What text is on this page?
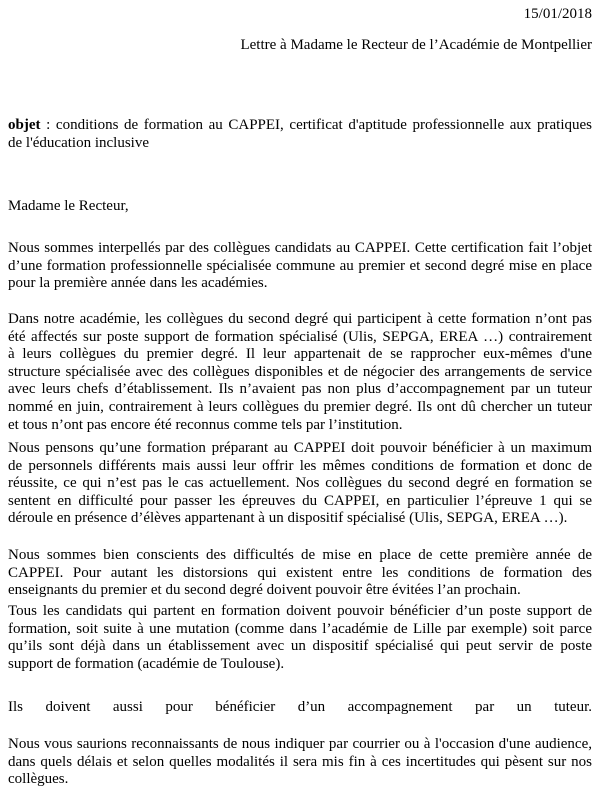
15/01/2018
Lettre à Madame le Recteur de l’Académie de Montpellier
objet : conditions de formation au CAPPEI, certificat d'aptitude professionnelle aux pratiques
de l'éducation inclusive
Madame le Recteur,
Nous sommes interpellés par des collègues candidats au CAPPEI. Cette certification fait l’objet
d’une formation professionnelle spécialisée commune au premier et second degré mise en place
pour la première année dans les académies.
Dans notre académie, les collègues du second degré qui participent à cette formation n’ont pas
été affectés sur poste support de formation spécialisé (Ulis, SEPGA, EREA …) contrairement
à leurs collègues du premier degré. Il leur appartenait de se rapprocher eux-mêmes d'une
structure spécialisée avec des collègues disponibles et de négocier des arrangements de service
avec leurs chefs d’établissement. Ils n’avaient pas non plus d’accompagnement par un tuteur
nommé en juin, contrairement à leurs collègues du premier degré. Ils ont dû chercher un tuteur
et tous n’ont pas encore été reconnus comme tels par l’institution.
Nous pensons qu’une formation préparant au CAPPEI doit pouvoir bénéficier à un maximum
de personnels différents mais aussi leur offrir les mêmes conditions de formation et donc de
réussite, ce qui n’est pas le cas actuellement. Nos collègues du second degré en formation se
sentent en difficulté pour passer les épreuves du CAPPEI, en particulier l’épreuve 1 qui se
déroule en présence d’élèves appartenant à un dispositif spécialisé (Ulis, SEPGA, EREA …).
Nous sommes bien conscients des difficultés de mise en place de cette première année de
CAPPEI. Pour autant les distorsions qui existent entre les conditions de formation des
enseignants du premier et du second degré doivent pouvoir être évitées l’an prochain.
Tous les candidats qui partent en formation doivent pouvoir bénéficier d’un poste support de
formation, soit suite à une mutation (comme dans l’académie de Lille par exemple) soit parce
qu’ils sont déjà dans un établissement avec un dispositif spécialisé qui peut servir de poste
support de formation (académie de Toulouse).
Ils doivent aussi pour bénéficier d’un accompagnement par un tuteur.
Nous vous saurions reconnaissants de nous indiquer par courrier ou à l'occasion d'une audience,
dans quels délais et selon quelles modalités il sera mis fin à ces incertitudes qui pèsent sur nos
collègues.
